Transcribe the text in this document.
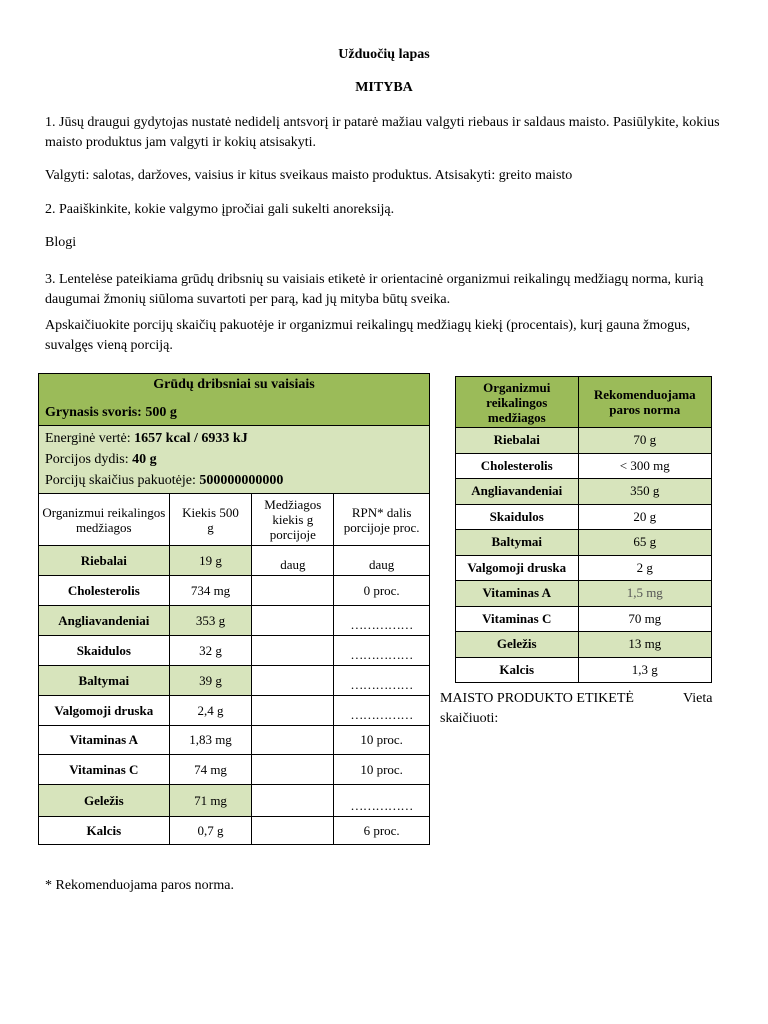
Užduočių lapas
MITYBA
1. Jūsų draugui gydytojas nustatė nedidelį antsvorį ir patarė mažiau valgyti riebaus ir saldaus maisto. Pasiūlykite, kokius maisto produktus jam valgyti ir kokių atsisakyti.
Valgyti: salotas, daržoves, vaisius ir kitus sveikaus maisto produktus. Atsisakyti: greito maisto
2. Paaiškinkite, kokie valgymo įpročiai gali sukelti anoreksiją.
Blogi
3. Lentelėse pateikiama grūdų dribsnių su vaisiais etiketė ir orientacinė organizmui reikalingų medžiagų norma, kurią daugumai žmonių siūloma suvartoti per parą, kad jų mityba būtų sveika.
Apskaičiuokite porcijų skaičių pakuotėje ir organizmui reikalingų medžiagų kiekį (procentais), kurį gauna žmogus, suvalgęs vieną porciją.
Grūdų dribsniai su vaisiais
Grynasis svoris: 500 g			

Energinė vertė: 1657 kcal / 6933 kJ
Porcijos dydis: 40 g
Porcijų skaičius pakuotėje: 500000000000			

Organizmui reikalingos medžiagos	Kiekis 500 g	Medžiagos kiekis g porcijoje	RPN* dalis porcijoje proc.
Riebalai	19 g	daug	daug
Cholesterolis	734 mg		0 proc.
Angliavandeniai	353 g		……………
Skaidulos	32 g		……………
Baltymai	39 g		……………
Valgomoji druska	2,4 g		……………
Vitaminas A	1,83 mg		10 proc.
Vitaminas C	74 mg		10 proc.
Geležis	71 mg		……………
Kalcis	0,7 g		6 proc.
Organizmui reikalingos medžiagos	Rekomenduojama paros norma
Riebalai	70 g
Cholesterolis	< 300 mg
Angliavandeniai	350 g
Skaidulos	20 g
Baltymai	65 g
Valgomoji druska	2 g
Vitaminas A	1,5 mg
Vitaminas C	70 mg
Geležis	13 mg
Kalcis	1,3 g
MAISTO PRODUKTO ETIKETĖ	Vieta
skaičiuoti:
* Rekomenduojama paros norma.
